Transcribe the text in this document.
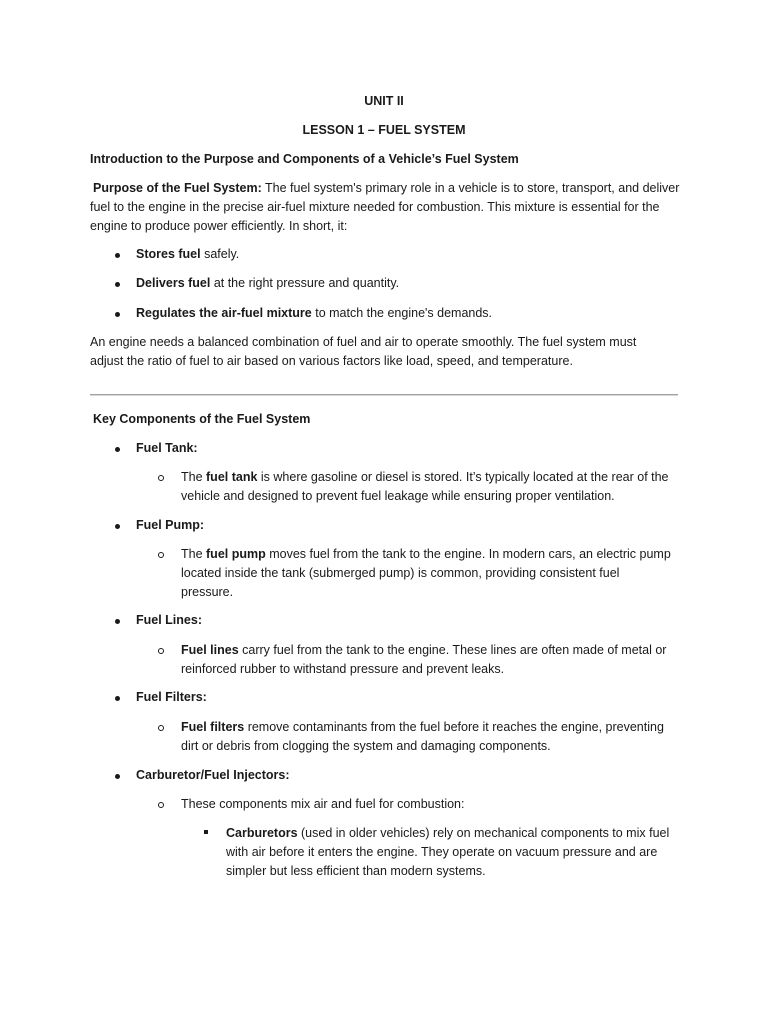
UNIT II
LESSON 1 – FUEL SYSTEM
Introduction to the Purpose and Components of a Vehicle’s Fuel System
Purpose of the Fuel System: The fuel system's primary role in a vehicle is to store, transport, and deliver
fuel to the engine in the precise air-fuel mixture needed for combustion. This mixture is essential for the
engine to produce power efficiently. In short, it:
Stores fuel safely.
Delivers fuel at the right pressure and quantity.
Regulates the air-fuel mixture to match the engine's demands.
An engine needs a balanced combination of fuel and air to operate smoothly. The fuel system must
adjust the ratio of fuel to air based on various factors like load, speed, and temperature.
Key Components of the Fuel System
Fuel Tank:
The fuel tank is where gasoline or diesel is stored. It’s typically located at the rear of the
vehicle and designed to prevent fuel leakage while ensuring proper ventilation.
Fuel Pump:
The fuel pump moves fuel from the tank to the engine. In modern cars, an electric pump
located inside the tank (submerged pump) is common, providing consistent fuel
pressure.
Fuel Lines:
Fuel lines carry fuel from the tank to the engine. These lines are often made of metal or
reinforced rubber to withstand pressure and prevent leaks.
Fuel Filters:
Fuel filters remove contaminants from the fuel before it reaches the engine, preventing
dirt or debris from clogging the system and damaging components.
Carburetor/Fuel Injectors:
These components mix air and fuel for combustion:
Carburetors (used in older vehicles) rely on mechanical components to mix fuel
with air before it enters the engine. They operate on vacuum pressure and are
simpler but less efficient than modern systems.
